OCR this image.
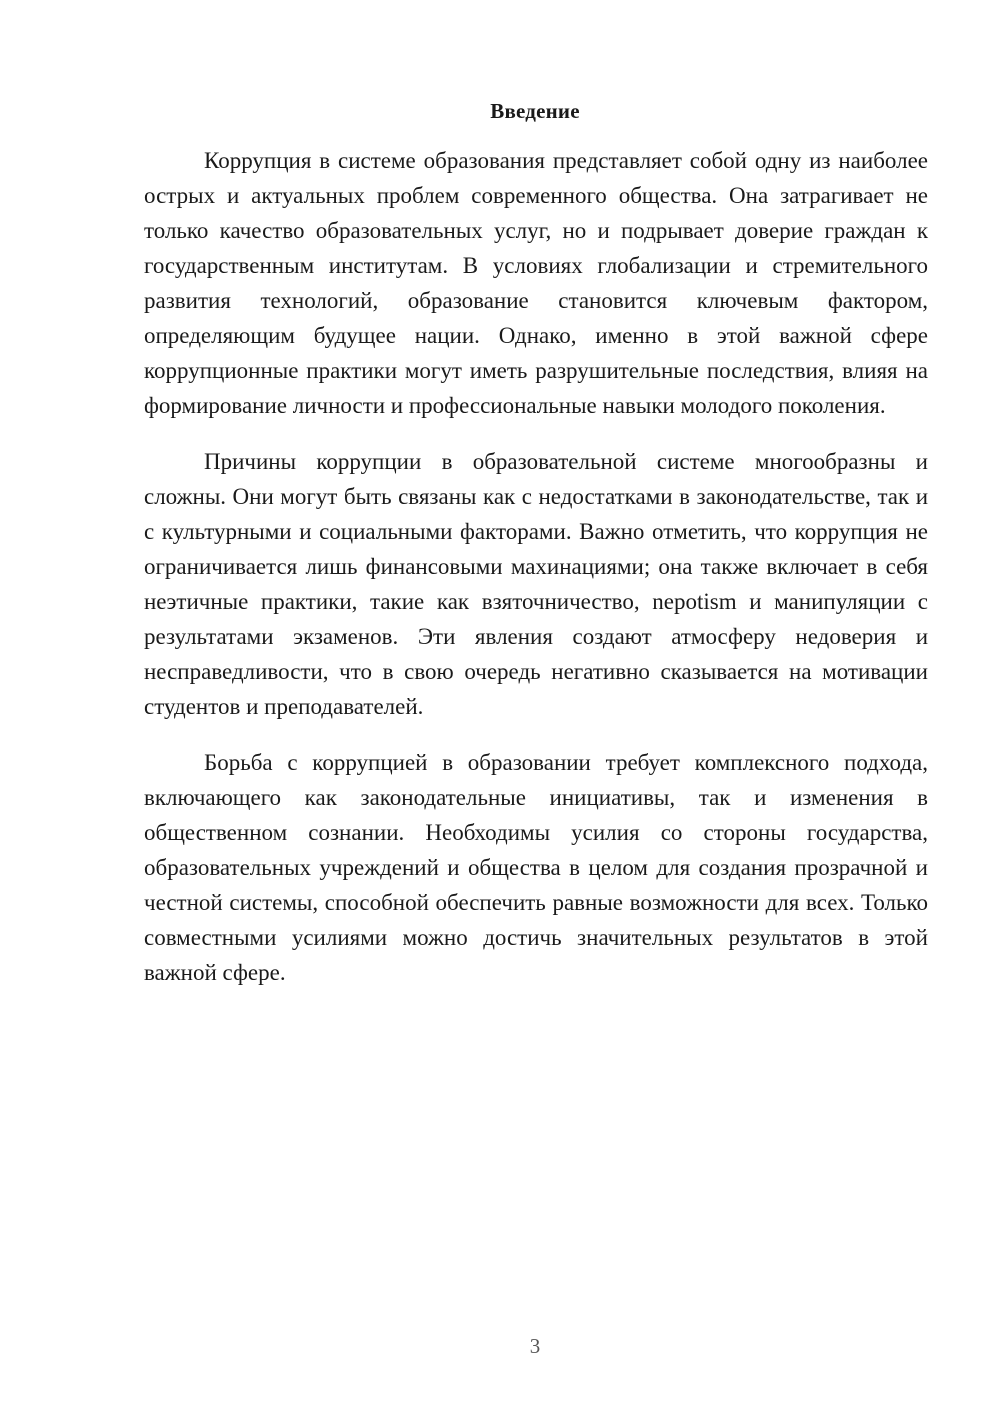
Введение

Коррупция в системе образования представляет собой одну из наиболее острых и актуальных проблем современного общества. Она затрагивает не только качество образовательных услуг, но и подрывает доверие граждан к государственным институтам. В условиях глобализации и стремительного развития технологий, образование становится ключевым фактором, определяющим будущее нации. Однако, именно в этой важной сфере коррупционные практики могут иметь разрушительные последствия, влияя на формирование личности и профессиональные навыки молодого поколения.

Причины коррупции в образовательной системе многообразны и сложны. Они могут быть связаны как с недостатками в законодательстве, так и с культурными и социальными факторами. Важно отметить, что коррупция не ограничивается лишь финансовыми махинациями; она также включает в себя неэтичные практики, такие как взяточничество, nepotism и манипуляции с результатами экзаменов. Эти явления создают атмосферу недоверия и несправедливости, что в свою очередь негативно сказывается на мотивации студентов и преподавателей.

Борьба с коррупцией в образовании требует комплексного подхода, включающего как законодательные инициативы, так и изменения в общественном сознании. Необходимы усилия со стороны государства, образовательных учреждений и общества в целом для создания прозрачной и честной системы, способной обеспечить равные возможности для всех. Только совместными усилиями можно достичь значительных результатов в этой важной сфере.

3
